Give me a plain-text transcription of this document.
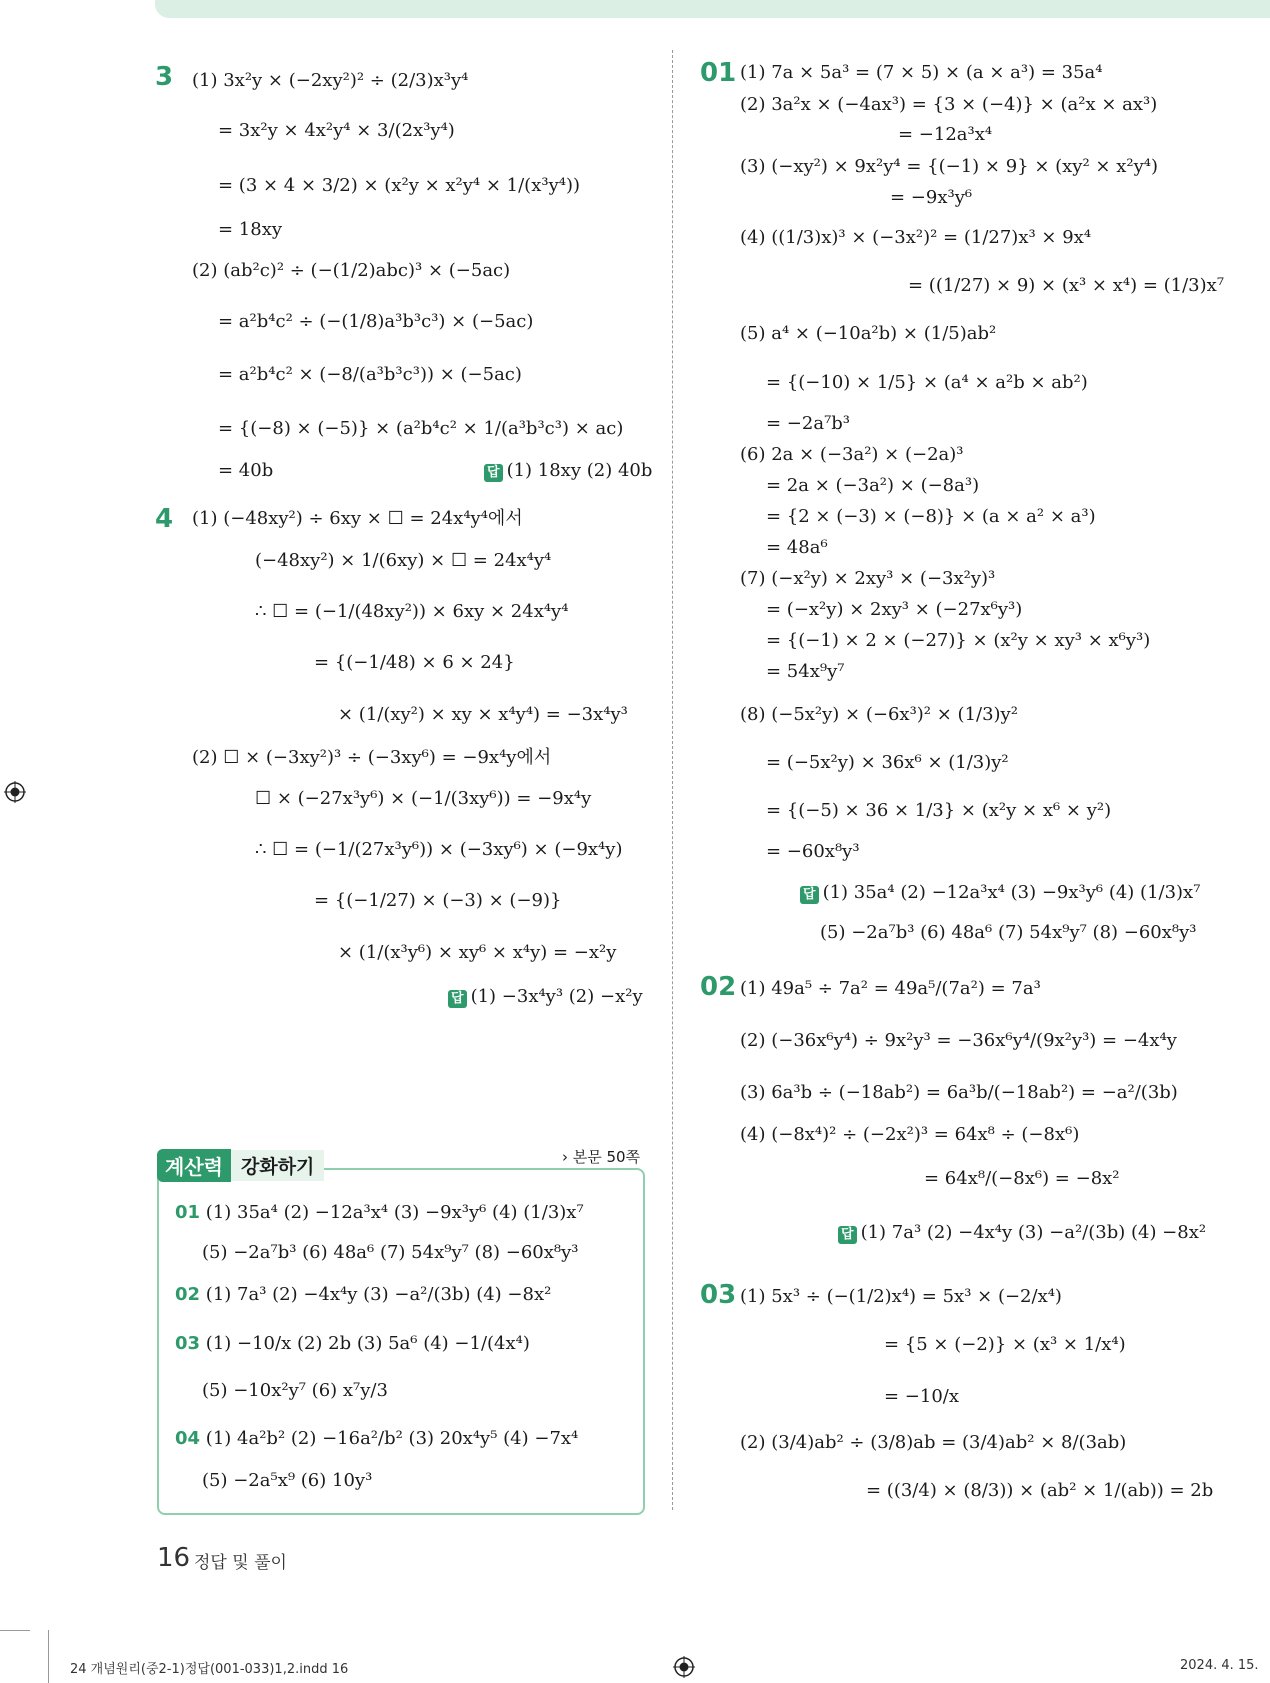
3 (1) 3x²y × (−2xy²)² ÷ (2/3)x³y⁴
= 3x²y × 4x²y⁴ × 3/(2x³y⁴)
= (3 × 4 × 3/2) × (x²y × x²y⁴ × 1/(x³y⁴))
= 18xy
(2) (ab²c)² ÷ (−(1/2)abc)³ × (−5ac)
= a²b⁴c² ÷ (−(1/8)a³b³c³) × (−5ac)
= a²b⁴c² × (−8/(a³b³c³)) × (−5ac)
= {(−8) × (−5)} × (a²b⁴c² × 1/(a³b³c³) × ac)
= 40b	답 (1) 18xy (2) 40b
4 (1) (−48xy²) ÷ 6xy × ☐ = 24x⁴y⁴에서
(−48xy²) × 1/(6xy) × ☐ = 24x⁴y⁴
∴ ☐ = (−1/(48xy²)) × 6xy × 24x⁴y⁴
= {(−1/48) × 6 × 24}
× (1/(xy²) × xy × x⁴y⁴) = −3x⁴y³
(2) ☐ × (−3xy²)³ ÷ (−3xy⁶) = −9x⁴y에서
☐ × (−27x³y⁶) × (−1/(3xy⁶)) = −9x⁴y
∴ ☐ = (−1/(27x³y⁶)) × (−3xy⁶) × (−9x⁴y)
= {(−1/27) × (−3) × (−9)}
× (1/(x³y⁶) × xy⁶ × x⁴y) = −x²y
답 (1) −3x⁴y³ (2) −x²y
계산력 강화하기	› 본문 50쪽
01 (1) 35a⁴ (2) −12a³x⁴ (3) −9x³y⁶ (4) (1/3)x⁷
(5) −2a⁷b³ (6) 48a⁶ (7) 54x⁹y⁷ (8) −60x⁸y³
02 (1) 7a³ (2) −4x⁴y (3) −a²/(3b) (4) −8x²
03 (1) −10/x (2) 2b (3) 5a⁶ (4) −1/(4x⁴)
(5) −10x²y⁷ (6) x⁷y/3
04 (1) 4a²b² (2) −16a²/b² (3) 20x⁴y⁵ (4) −7x⁴
(5) −2a⁵x⁹ (6) 10y³
01 (1) 7a × 5a³ = (7 × 5) × (a × a³) = 35a⁴
(2) 3a²x × (−4ax³) = {3 × (−4)} × (a²x × ax³)
= −12a³x⁴
(3) (−xy²) × 9x²y⁴ = {(−1) × 9} × (xy² × x²y⁴)
= −9x³y⁶
(4) ((1/3)x)³ × (−3x²)² = (1/27)x³ × 9x⁴
= ((1/27) × 9) × (x³ × x⁴) = (1/3)x⁷
(5) a⁴ × (−10a²b) × (1/5)ab²
= {(−10) × 1/5} × (a⁴ × a²b × ab²)
= −2a⁷b³
(6) 2a × (−3a²) × (−2a)³
= 2a × (−3a²) × (−8a³)
= {2 × (−3) × (−8)} × (a × a² × a³)
= 48a⁶
(7) (−x²y) × 2xy³ × (−3x²y)³
= (−x²y) × 2xy³ × (−27x⁶y³)
= {(−1) × 2 × (−27)} × (x²y × xy³ × x⁶y³)
= 54x⁹y⁷
(8) (−5x²y) × (−6x³)² × (1/3)y²
= (−5x²y) × 36x⁶ × (1/3)y²
= {(−5) × 36 × 1/3} × (x²y × x⁶ × y²)
= −60x⁸y³
답 (1) 35a⁴ (2) −12a³x⁴ (3) −9x³y⁶ (4) (1/3)x⁷
(5) −2a⁷b³ (6) 48a⁶ (7) 54x⁹y⁷ (8) −60x⁸y³
02 (1) 49a⁵ ÷ 7a² = 49a⁵/(7a²) = 7a³
(2) (−36x⁶y⁴) ÷ 9x²y³ = −36x⁶y⁴/(9x²y³) = −4x⁴y
(3) 6a³b ÷ (−18ab²) = 6a³b/(−18ab²) = −a²/(3b)
(4) (−8x⁴)² ÷ (−2x²)³ = 64x⁸ ÷ (−8x⁶)
= 64x⁸/(−8x⁶) = −8x²
답 (1) 7a³ (2) −4x⁴y (3) −a²/(3b) (4) −8x²
03 (1) 5x³ ÷ (−(1/2)x⁴) = 5x³ × (−2/x⁴)
= {5 × (−2)} × (x³ × 1/x⁴)
= −10/x
(2) (3/4)ab² ÷ (3/8)ab = (3/4)ab² × 8/(3ab)
= ((3/4) × (8/3)) × (ab² × 1/(ab)) = 2b
16 정답 및 풀이
24 개념원리(중2-1)정답(001-033)1,2.indd 16	2024. 4. 15.
